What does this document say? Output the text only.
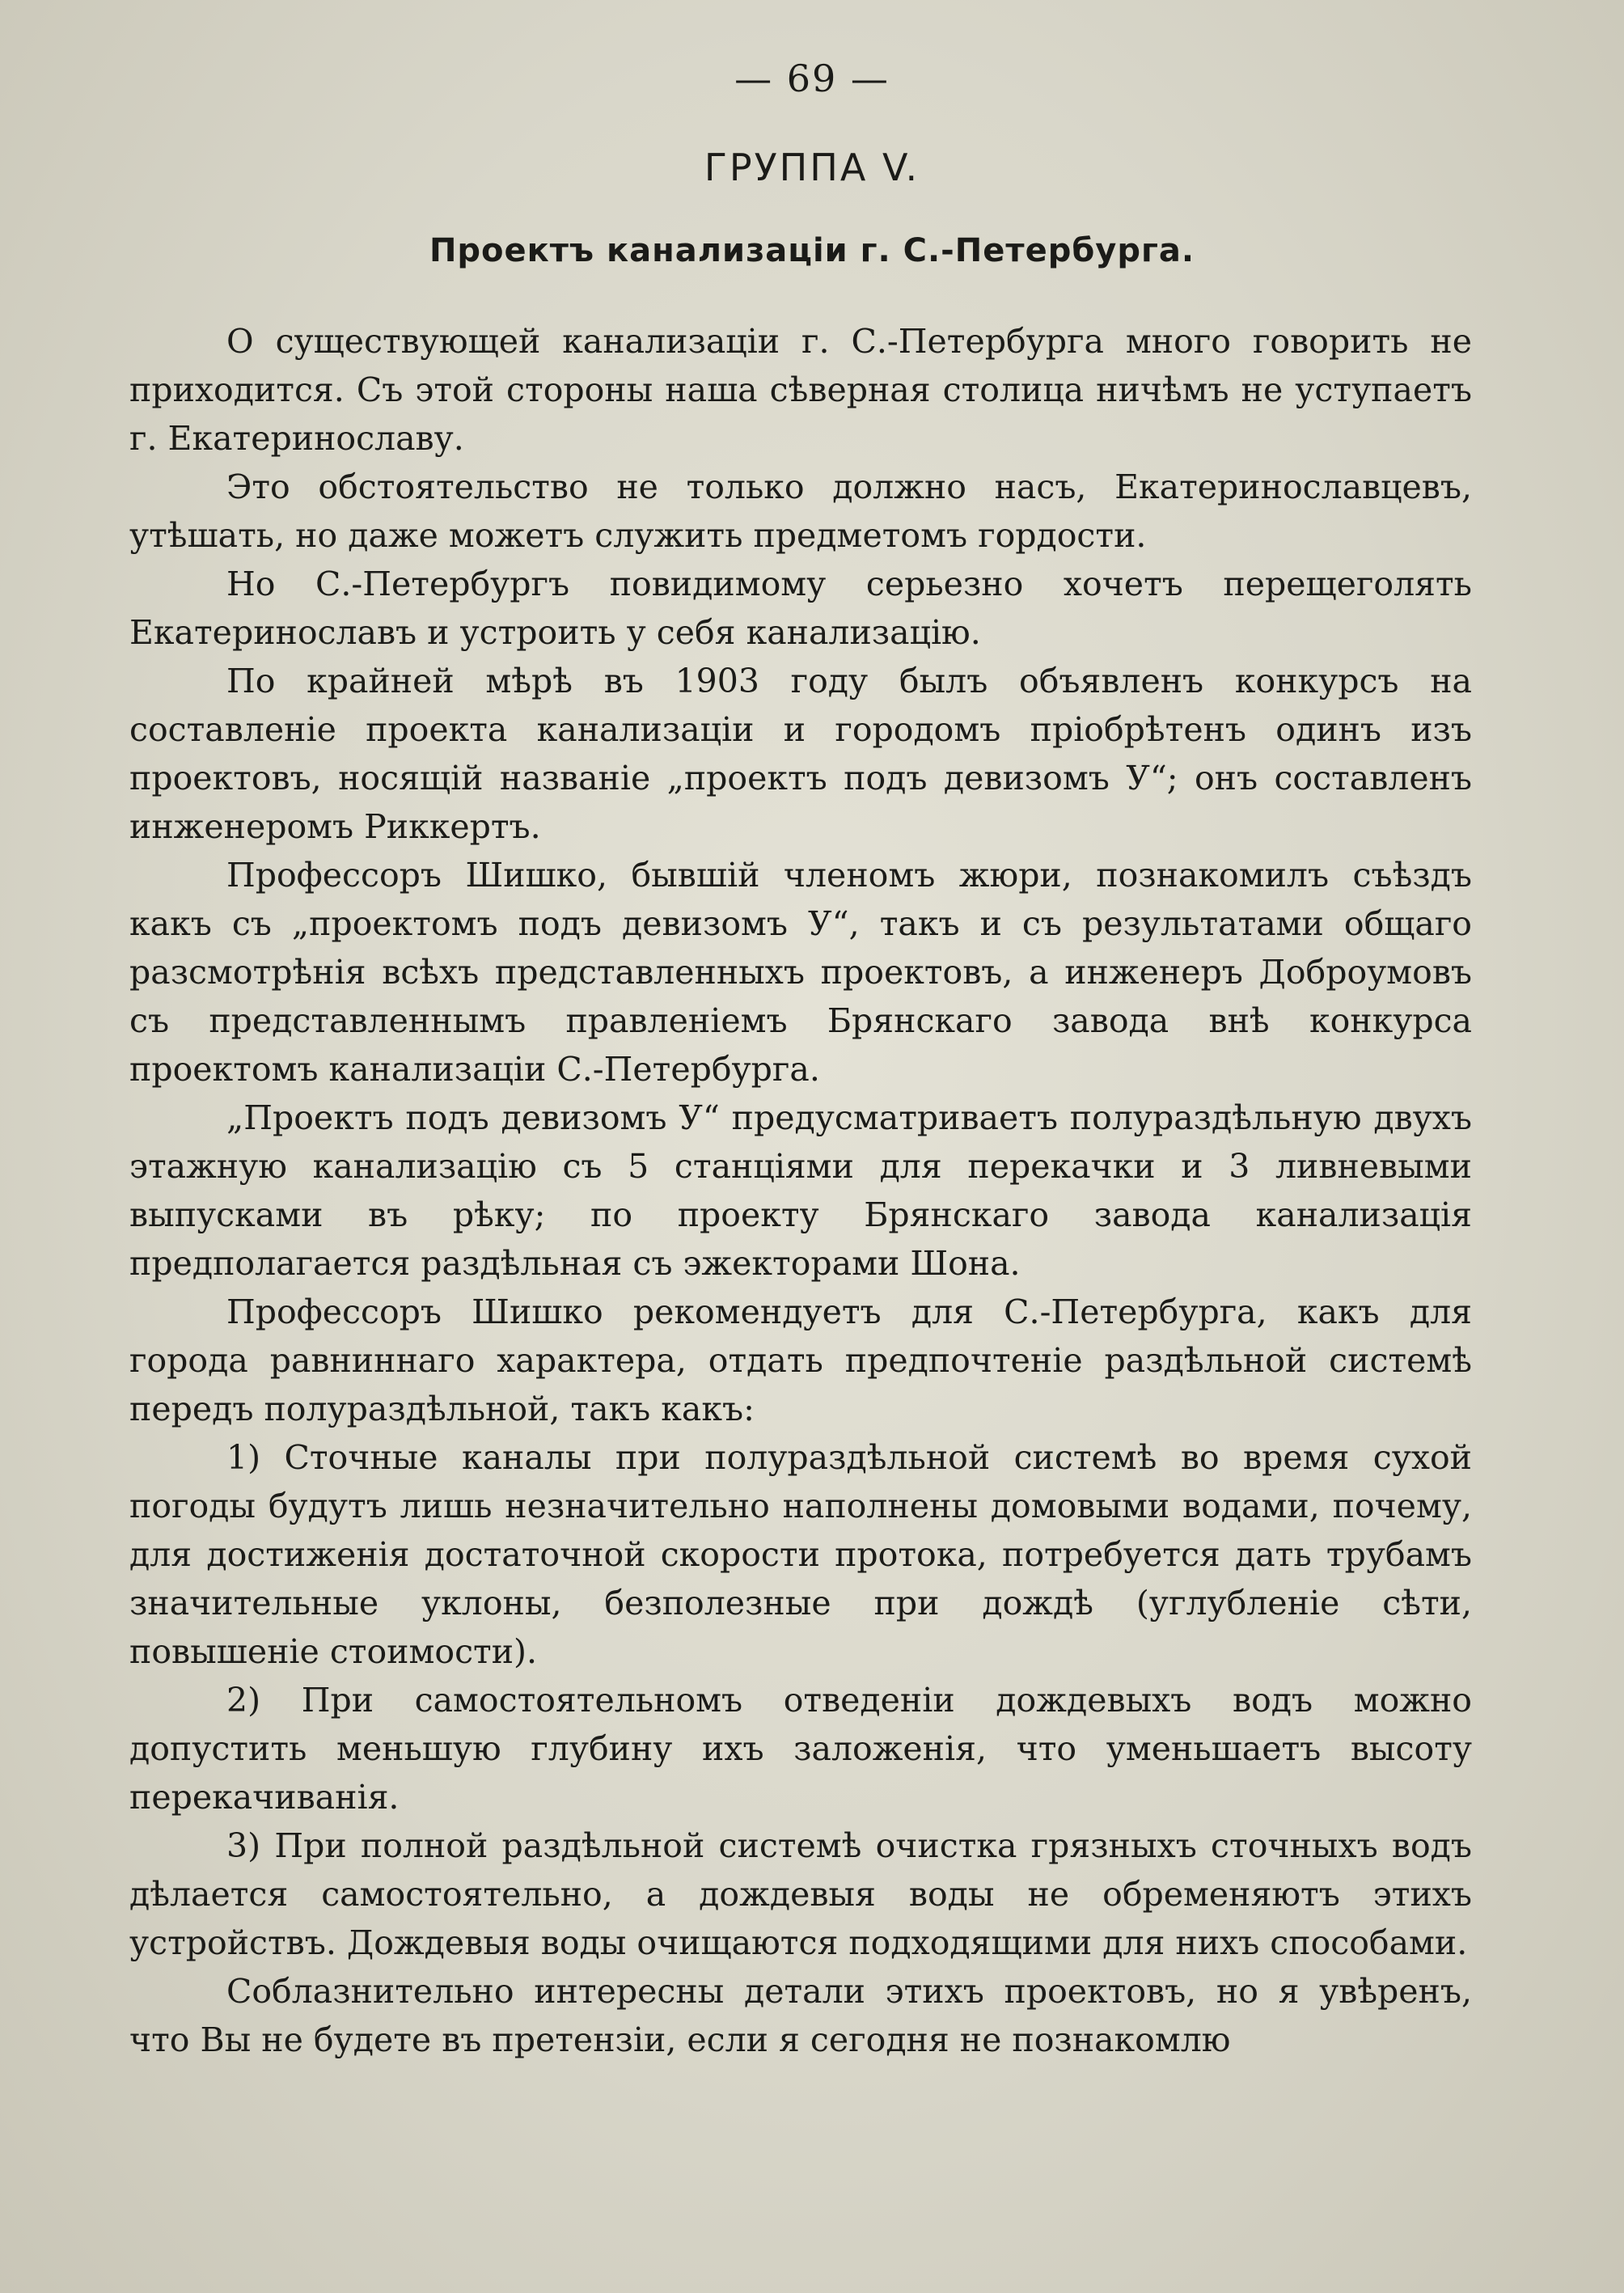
— 69 —
ГРУППА V.
Проектъ канализаціи г. С.-Петербурга.

О существующей канализаціи г. С.-Петербурга много говорить не приходится. Съ этой стороны наша сѣверная столица ничѣмъ не уступаетъ г. Екатеринославу.

Это обстоятельство не только должно насъ, Екатеринославцевъ, утѣшать, но даже можетъ служить предметомъ гордости.

Но С.-Петербургъ повидимому серьезно хочетъ перещеголять Екатеринославъ и устроить у себя канализацію.

По крайней мѣрѣ въ 1903 году былъ объявленъ конкурсъ на составленіе проекта канализаціи и городомъ пріобрѣтенъ одинъ изъ проектовъ, носящій названіе „проектъ подъ девизомъ У“; онъ составленъ инженеромъ Риккертъ.

Профессоръ Шишко, бывшій членомъ жюри, познакомилъ съѣздъ какъ съ „проектомъ подъ девизомъ У“, такъ и съ результатами общаго разсмотрѣнія всѣхъ представленныхъ проектовъ, а инженеръ Доброумовъ съ представленнымъ правленіемъ Брянскаго завода внѣ конкурса проектомъ канализаціи С.-Петербурга.

„Проектъ подъ девизомъ У“ предусматриваетъ полураздѣльную двухъ этажную канализацію съ 5 станціями для перекачки и 3 ливневыми выпусками въ рѣку; по проекту Брянскаго завода канализація предполагается раздѣльная съ эжекторами Шона.

Профессоръ Шишко рекомендуетъ для С.-Петербурга, какъ для города равниннаго характера, отдать предпочтеніе раздѣльной системѣ передъ полураздѣльной, такъ какъ:

1) Сточные каналы при полураздѣльной системѣ во время сухой погоды будутъ лишь незначительно наполнены домовыми водами, почему, для достиженія достаточной скорости протока, потребуется дать трубамъ значительные уклоны, безполезные при дождѣ (углубленіе сѣти, повышеніе стоимости).

2) При самостоятельномъ отведеніи дождевыхъ водъ можно допустить меньшую глубину ихъ заложенія, что уменьшаетъ высоту перекачиванія.

3) При полной раздѣльной системѣ очистка грязныхъ сточныхъ водъ дѣлается самостоятельно, а дождевыя воды не обременяютъ этихъ устройствъ. Дождевыя воды очищаются подходящими для нихъ способами.

Соблазнительно интересны детали этихъ проектовъ, но я увѣренъ, что Вы не будете въ претензіи, если я сегодня не познакомлю
